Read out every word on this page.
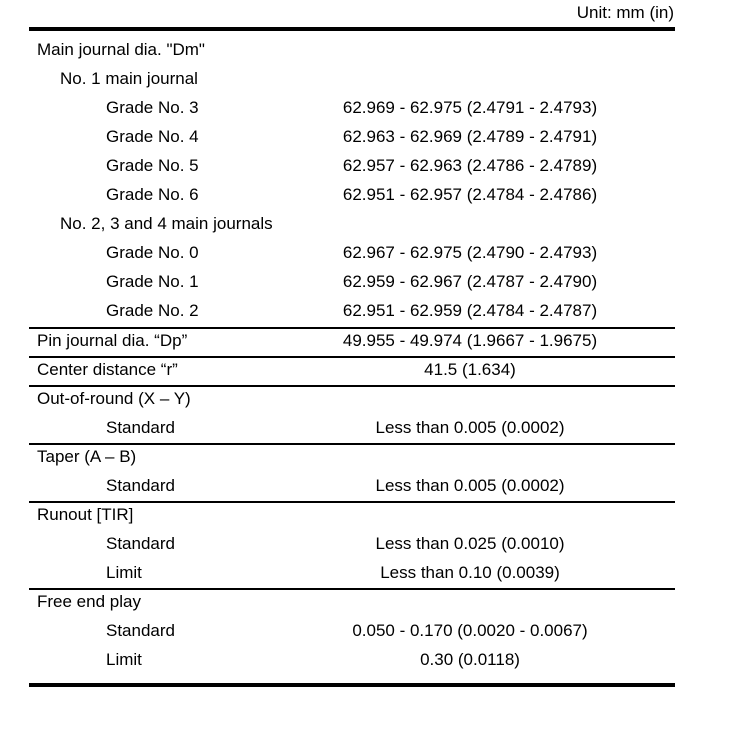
Unit: mm (in)
Main journal dia. "Dm"
No. 1 main journal
Grade No. 3	62.969 - 62.975 (2.4791 - 2.4793)
Grade No. 4	62.963 - 62.969 (2.4789 - 2.4791)
Grade No. 5	62.957 - 62.963 (2.4786 - 2.4789)
Grade No. 6	62.951 - 62.957 (2.4784 - 2.4786)
No. 2, 3 and 4 main journals
Grade No. 0	62.967 - 62.975 (2.4790 - 2.4793)
Grade No. 1	62.959 - 62.967 (2.4787 - 2.4790)
Grade No. 2	62.951 - 62.959 (2.4784 - 2.4787)
Pin journal dia. “Dp”	49.955 - 49.974 (1.9667 - 1.9675)
Center distance “r”	41.5 (1.634)
Out-of-round (X – Y)
Standard	Less than 0.005 (0.0002)
Taper (A – B)
Standard	Less than 0.005 (0.0002)
Runout [TIR]
Standard	Less than 0.025 (0.0010)
Limit	Less than 0.10 (0.0039)
Free end play
Standard	0.050 - 0.170 (0.0020 - 0.0067)
Limit	0.30 (0.0118)
